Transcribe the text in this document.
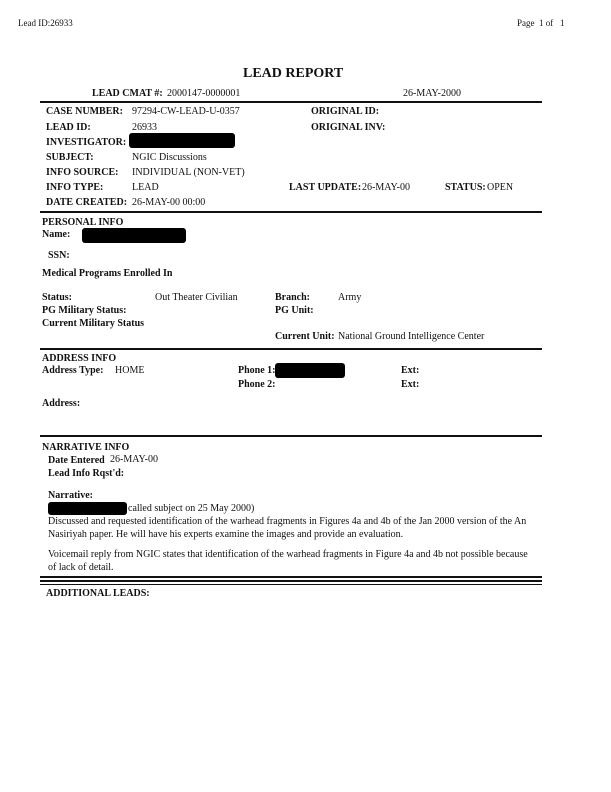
Lead ID:26933	Page 1 of 1
LEAD REPORT
LEAD CMAT #: 2000147-0000001	26-MAY-2000
CASE NUMBER: 97294-CW-LEAD-U-0357	ORIGINAL ID:
LEAD ID:	26933	ORIGINAL INV:
INVESTIGATOR:
SUBJECT:	NGIC Discussions
INFO SOURCE: INDIVIDUAL (NON-VET)
INFO TYPE:	LEAD	LAST UPDATE: 26-MAY-00	STATUS: OPEN
DATE CREATED: 26-MAY-00 00:00
PERSONAL INFO
Name:
SSN:
Medical Programs Enrolled In
Status:	Out Theater Civilian	Branch:	Army
PG Military Status:	PG Unit:
Current Military Status
Current Unit: National Ground Intelligence Center
ADDRESS INFO
Address Type: HOME	Phone 1:	Ext:
Phone 2:	Ext:
Address:
NARRATIVE INFO
Date Entered 26-MAY-00
Lead Info Rqst'd:
Narrative:
called subject on 25 May 2000)
Discussed and requested identification of the warhead fragments in Figures 4a and 4b of the Jan 2000 version of the An
Nasiriyah paper. He will have his experts examine the images and provide an evaluation.
Voicemail reply from NGIC states that identification of the warhead fragments in Figure 4a and 4b not possible because
of lack of detail.
ADDITIONAL LEADS:
